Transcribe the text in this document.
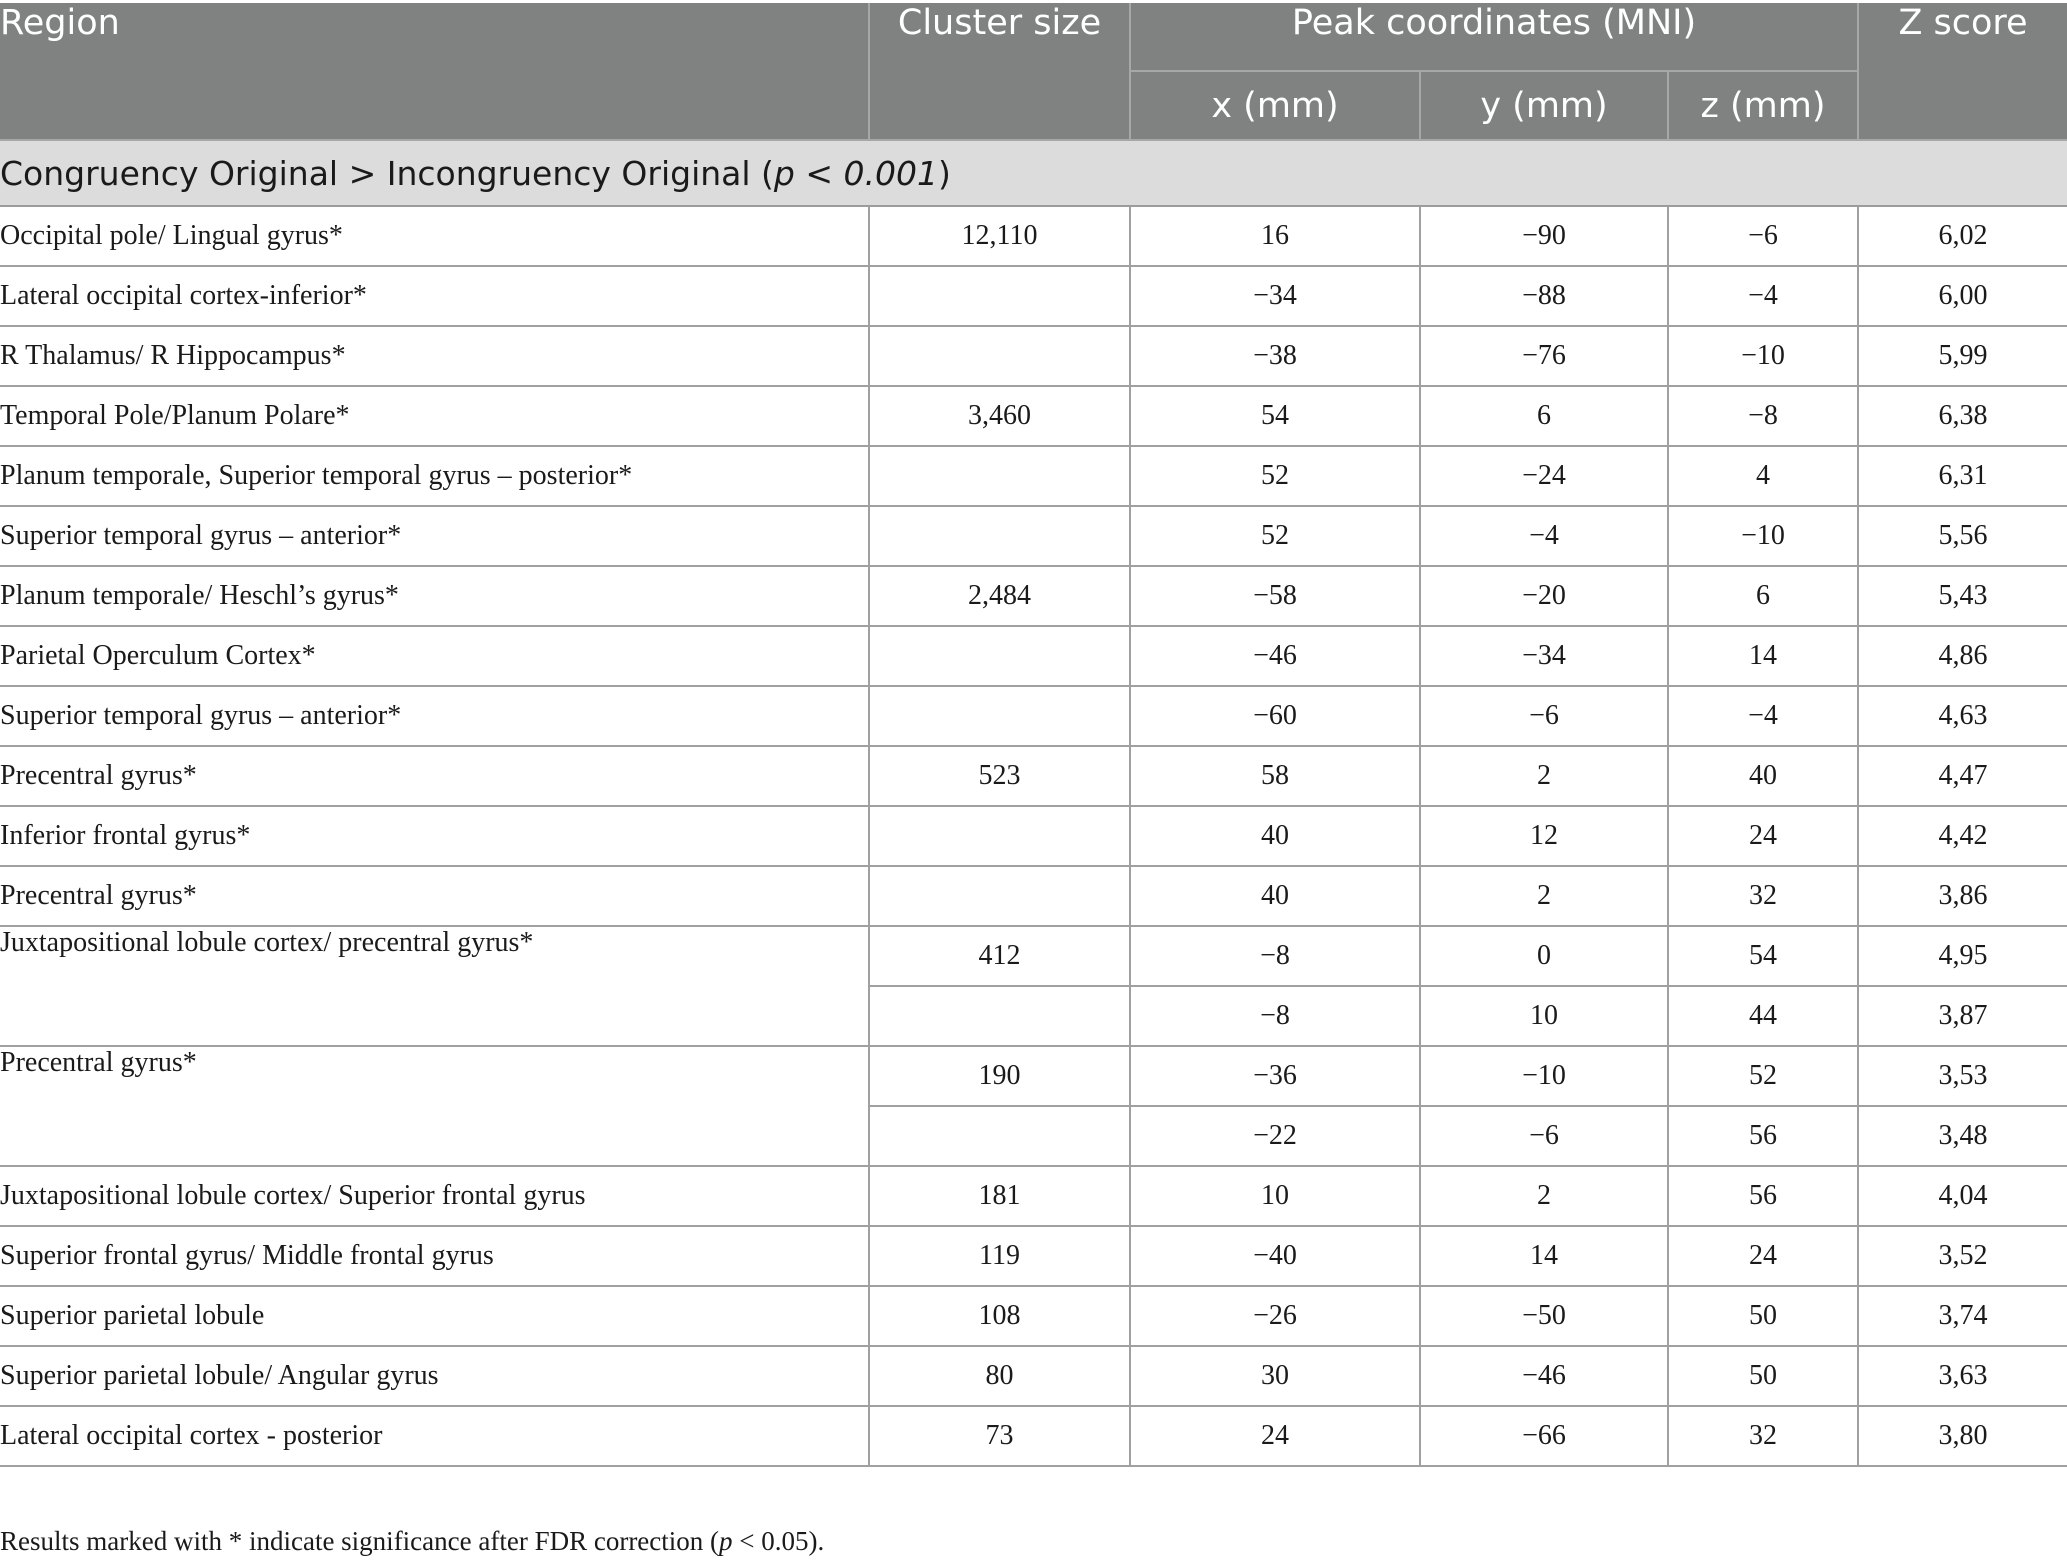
Region	Cluster size	Peak coordinates (MNI)			Z score
		x (mm)	y (mm)	z (mm)	
Congruency Original > Incongruency Original (p < 0.001)					
Occipital pole/ Lingual gyrus*	12,110	16	−90	−6	6,02
Lateral occipital cortex-inferior*		−34	−88	−4	6,00
R Thalamus/ R Hippocampus*		−38	−76	−10	5,99
Temporal Pole/Planum Polare*	3,460	54	6	−8	6,38
Planum temporale, Superior temporal gyrus – posterior*		52	−24	4	6,31
Superior temporal gyrus – anterior*		52	−4	−10	5,56
Planum temporale/ Heschl’s gyrus*	2,484	−58	−20	6	5,43
Parietal Operculum Cortex*		−46	−34	14	4,86
Superior temporal gyrus – anterior*		−60	−6	−4	4,63
Precentral gyrus*	523	58	2	40	4,47
Inferior frontal gyrus*		40	12	24	4,42
Precentral gyrus*		40	2	32	3,86
Juxtapositional lobule cortex/ precentral gyrus*	412	−8	0	54	4,95
		−8	10	44	3,87
Precentral gyrus*	190	−36	−10	52	3,53
		−22	−6	56	3,48
Juxtapositional lobule cortex/ Superior frontal gyrus	181	10	2	56	4,04
Superior frontal gyrus/ Middle frontal gyrus	119	−40	14	24	3,52
Superior parietal lobule	108	−26	−50	50	3,74
Superior parietal lobule/ Angular gyrus	80	30	−46	50	3,63
Lateral occipital cortex - posterior	73	24	−66	32	3,80
Results marked with * indicate significance after FDR correction (p < 0.05).
